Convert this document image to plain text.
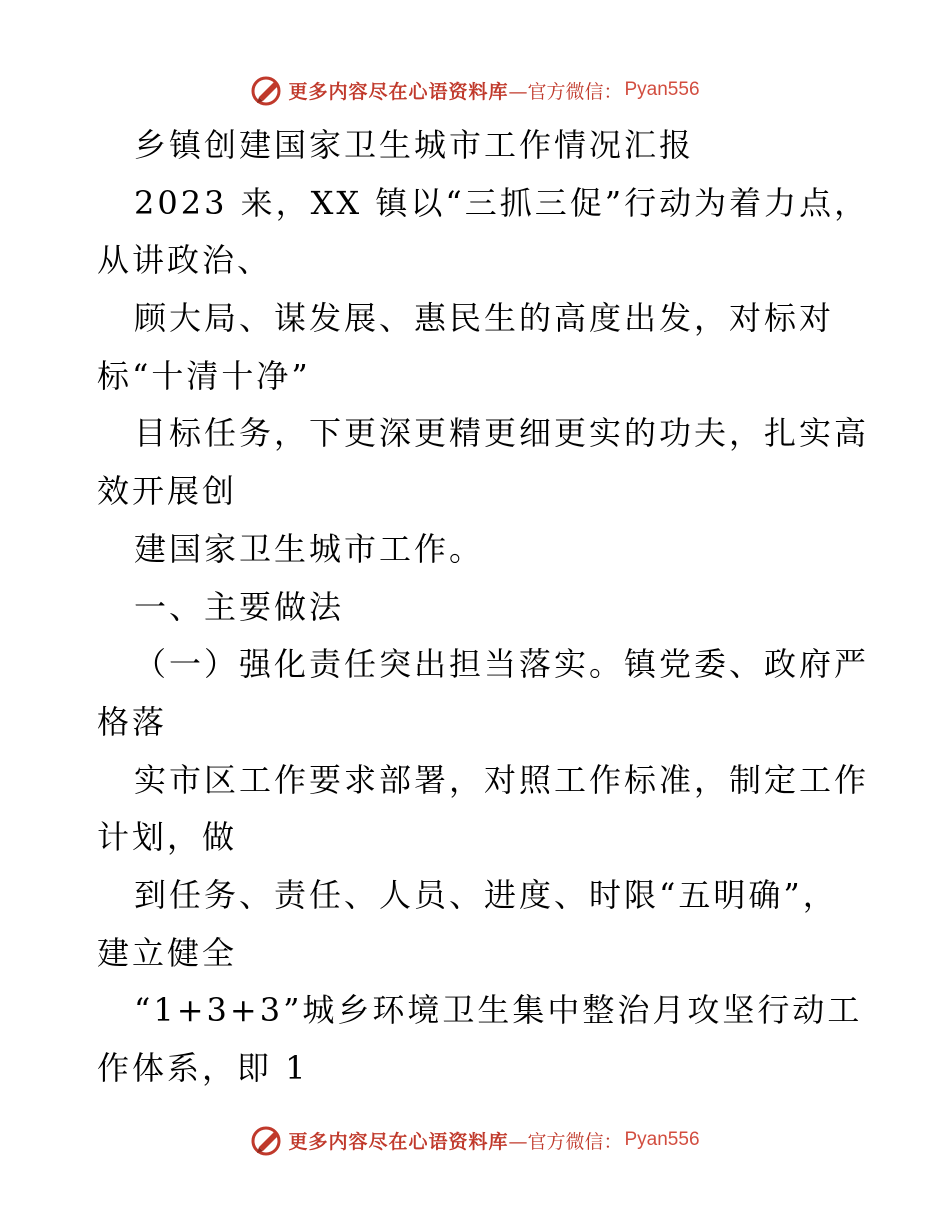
更多内容尽在心语资料库 —官方微信： Pyan556
乡镇创建国家卫生城市工作情况汇报
2023 来，XX 镇以“三抓三促”行动为着力点，
从讲政治、
顾大局、谋发展、惠民生的高度出发，对标对
标“十清十净”
目标任务，下更深更精更细更实的功夫，扎实高
效开展创
建国家卫生城市工作。
一、主要做法
（一）强化责任突出担当落实。镇党委、政府严
格落
实市区工作要求部署，对照工作标准，制定工作
计划，做
到任务、责任、人员、进度、时限“五明确”，
建立健全
“1+3+3”城乡环境卫生集中整治月攻坚行动工
作体系，即 1
更多内容尽在心语资料库 —官方微信： Pyan556
